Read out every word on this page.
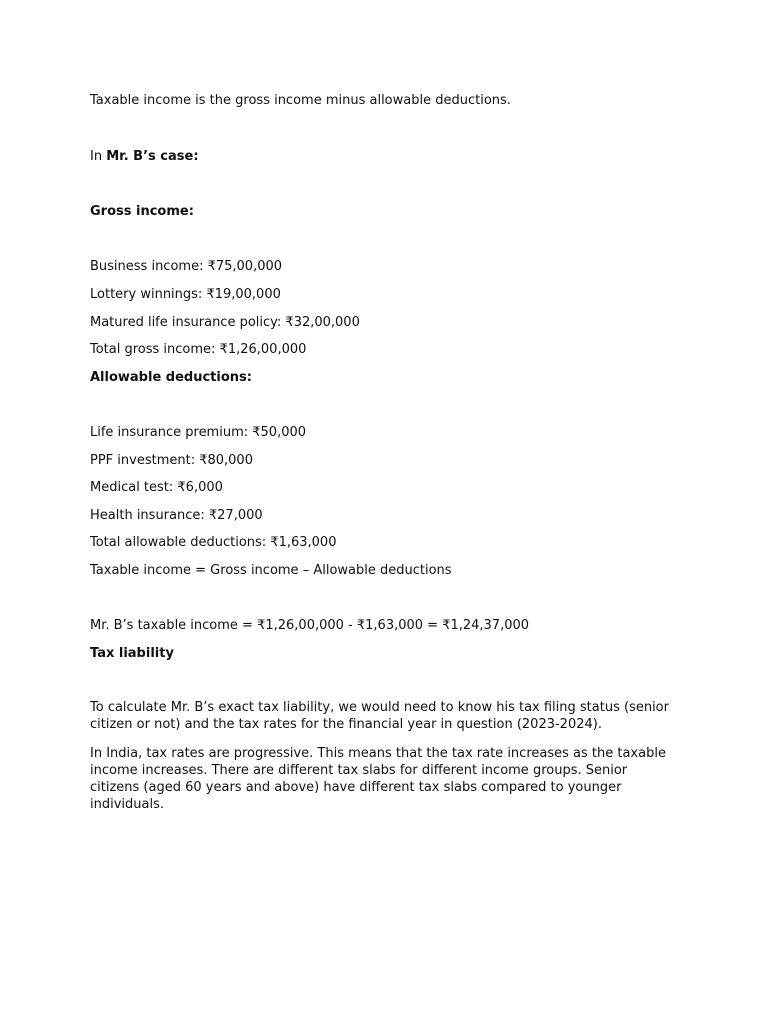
Taxable income is the gross income minus allowable deductions.
In Mr. B’s case:
Gross income:
Business income: ₹75,00,000
Lottery winnings: ₹19,00,000
Matured life insurance policy: ₹32,00,000
Total gross income: ₹1,26,00,000
Allowable deductions:
Life insurance premium: ₹50,000
PPF investment: ₹80,000
Medical test: ₹6,000
Health insurance: ₹27,000
Total allowable deductions: ₹1,63,000
Taxable income = Gross income – Allowable deductions
Mr. B’s taxable income = ₹1,26,00,000 - ₹1,63,000 = ₹1,24,37,000
Tax liability
To calculate Mr. B’s exact tax liability, we would need to know his tax filing status (senior citizen or not) and the tax rates for the financial year in question (2023-2024).
In India, tax rates are progressive. This means that the tax rate increases as the taxable income increases. There are different tax slabs for different income groups. Senior citizens (aged 60 years and above) have different tax slabs compared to younger individuals.
